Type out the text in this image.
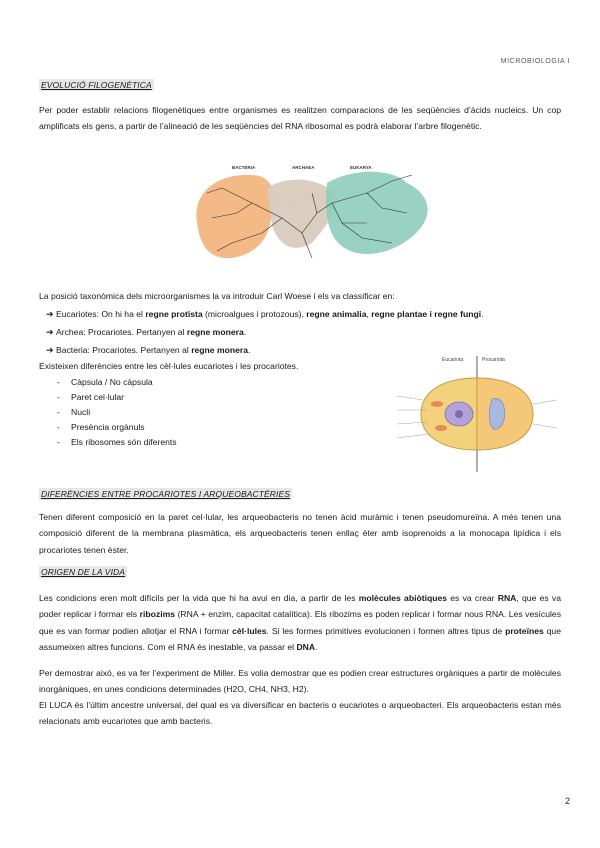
MICROBIOLOGIA I
EVOLUCIÓ FILOGENÈTICA

Per poder establir relacions filogenètiques entre organismes es realitzen comparacions de les seqüències d’àcids nucleics. Un cop amplificats els gens, a partir de l’alineació de les seqüències del RNA ribosomal es podrà elaborar l’arbre filogenètic.

· · · ·
· · ·
· · ·
· · ·
· ·
· · ·
· · ·
BACTERIA	ARCHAEA	EUKARYA
La posició taxonòmica dels microorganismes la va introduir Carl Woese i els va classificar en:
➔ Eucariotes: On hi ha el regne protista (microalgues i protozous), regne animalia, regne plantae i regne fungi.
➔ Archea: Procariotes. Pertanyen al regne monera.
➔ Bacteria: Procariotes. Pertanyen al regne monera.
Existeixen diferències entre les cèl·lules eucariotes i les procariotes.
- Càpsula / No càpsula
- Paret cel·lular
- Nucli
- Presència orgànuls
- Els ribosomes són diferents
Eucariota	Procariota
DIFERÈNCIES ENTRE PROCARIOTES I ARQUEOBACTÈRIES

Tenen diferent composició en la paret cel·lular, les arqueobacteris no tenen àcid muràmic i tenen pseudomureïna. A més tenen una composició diferent de la membrana plasmàtica, els arqueobacteris tenen enllaç èter amb isoprenoids a la monocapa lipídica i els procariotes tenen èster.

ORIGEN DE LA VIDA

Les condicions eren molt difícils per la vida que hi ha avui en dia, a partir de les molècules abiòtiques es va crear RNA, que es va poder replicar i formar els ribozims (RNA + enzim, capacitat catalítica). Els ribozims es poden replicar i formar nous RNA. Les vesícules que es van formar podien allotjar el RNA i formar cèl·lules. Si les formes primitives evolucionen i formen altres tipus de proteïnes que assumeixen altres funcions. Com el RNA és inestable, va passar el DNA.

Per demostrar això, es va fer l’experiment de Miller. Es volia demostrar que es podien crear estructures orgàniques a partir de molècules inorgàniques, en unes condicions determinades (H2O, CH4, NH3, H2).

El LUCA és l’últim ancestre universal, del qual es va diversificar en bacteris o eucariotes o arqueobacteri. Els arqueobacteris estan més relacionats amb eucariotes que amb bacteris.

2
